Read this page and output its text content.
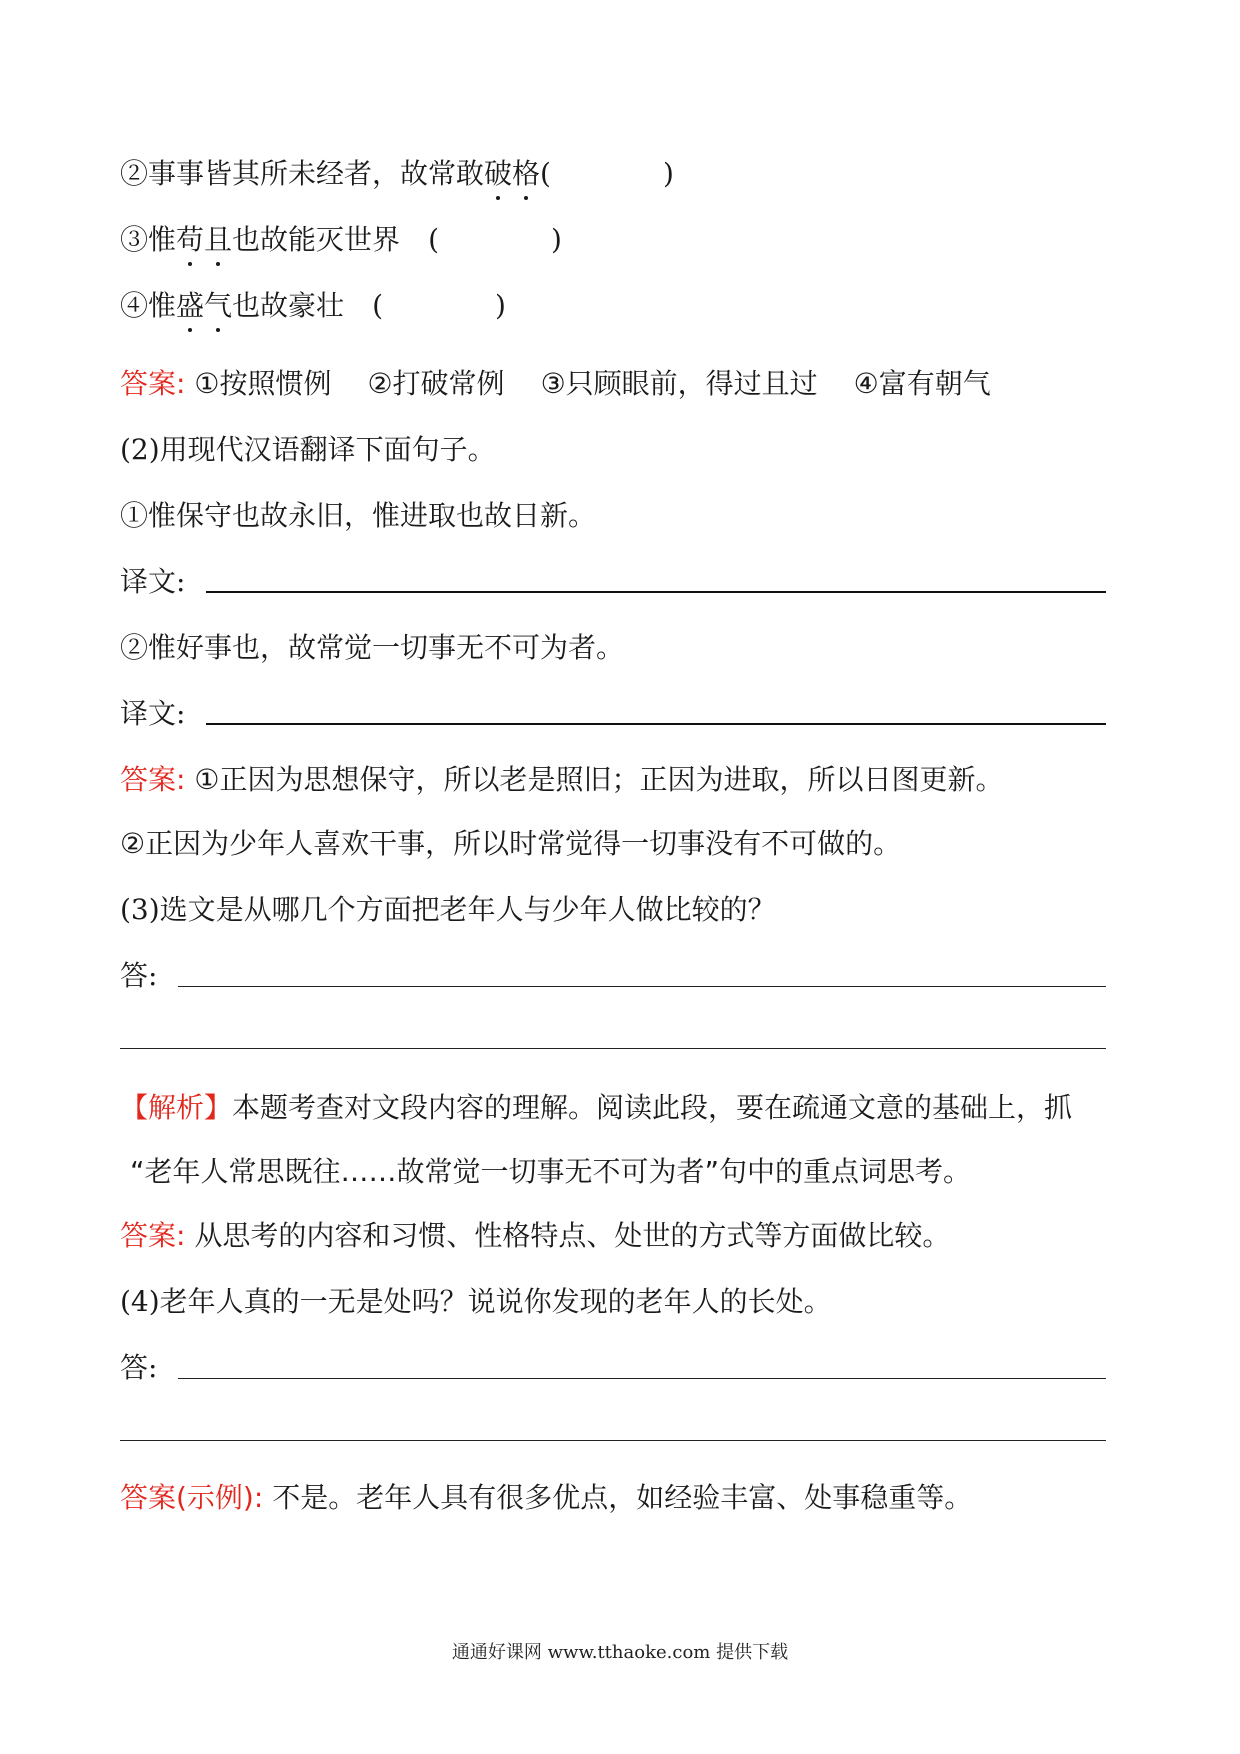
②事事皆其所未经者，故常敢破格(　　　　)
③惟苟且也故能灭世界 (　　　　)
④惟盛气也故豪壮 (　　　　)
答案: ①按照惯例 ②打破常例 ③只顾眼前，得过且过 ④富有朝气
(2)用现代汉语翻译下面句子。
①惟保守也故永旧，惟进取也故日新。
译文:
②惟好事也，故常觉一切事无不可为者。
译文:
答案: ①正因为思想保守，所以老是照旧；正因为进取，所以日图更新。
②正因为少年人喜欢干事，所以时常觉得一切事没有不可做的。
(3)选文是从哪几个方面把老年人与少年人做比较的？
答:
【解析】本题考查对文段内容的理解。阅读此段，要在疏通文意的基础上，抓
“老年人常思既往……故常觉一切事无不可为者”句中的重点词思考。
答案: 从思考的内容和习惯、性格特点、处世的方式等方面做比较。
(4)老年人真的一无是处吗？说说你发现的老年人的长处。
答:
答案(示例): 不是。老年人具有很多优点，如经验丰富、处事稳重等。
通通好课网 www.tthaoke.com 提供下载
